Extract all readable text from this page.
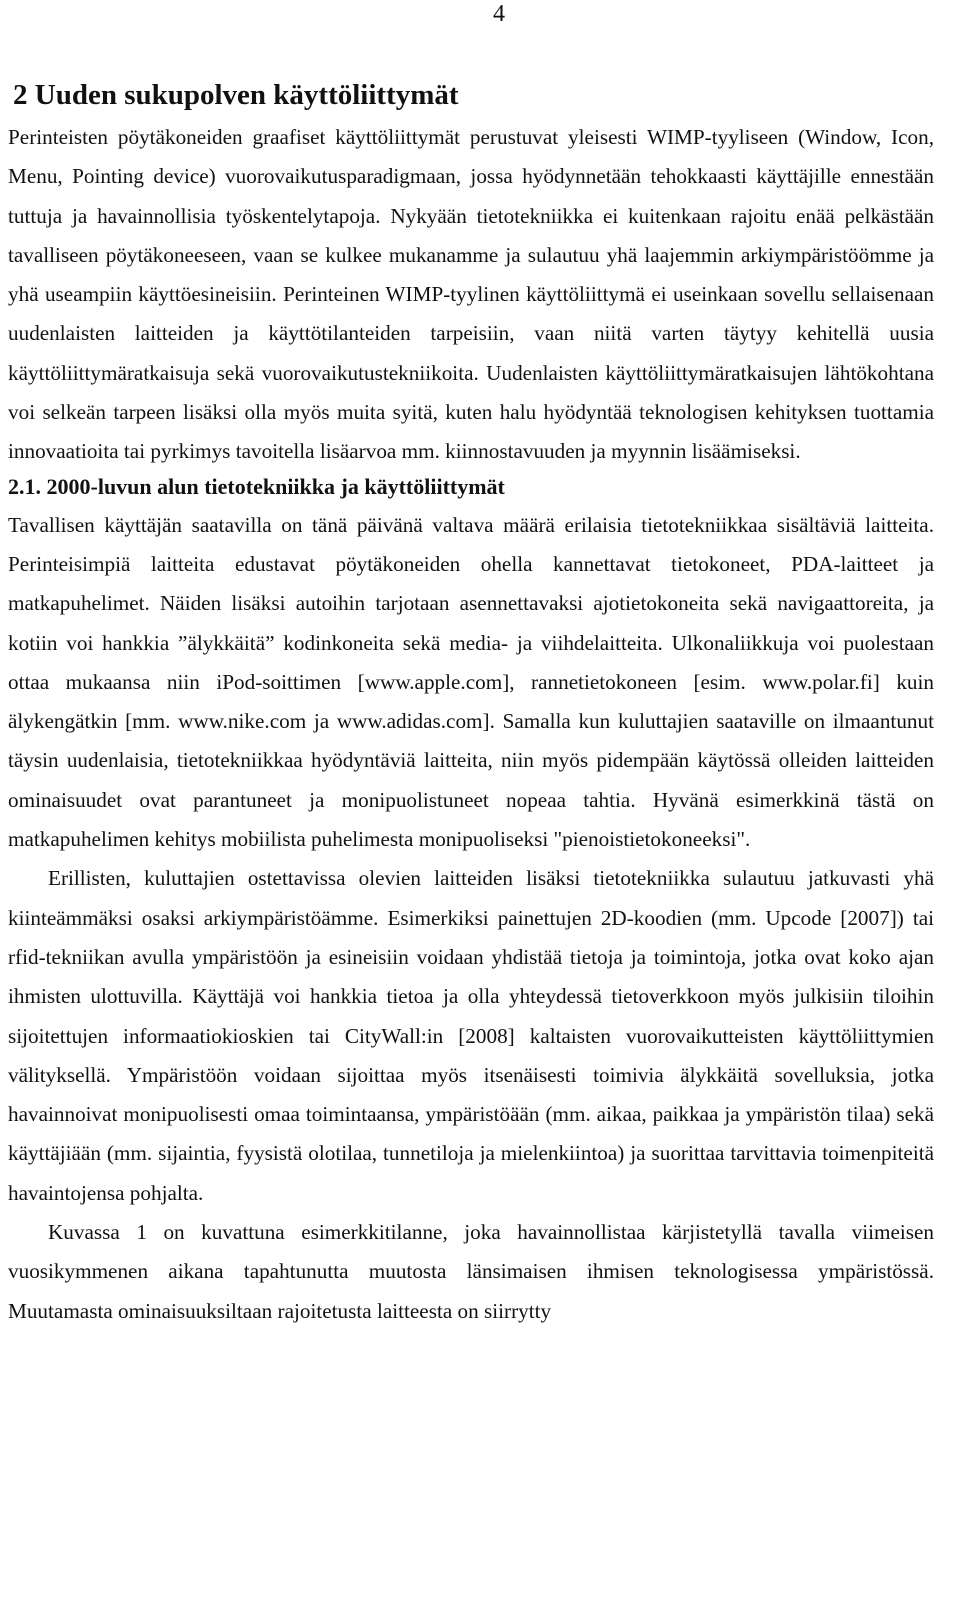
4
2 Uuden sukupolven käyttöliittymät

Perinteisten pöytäkoneiden graafiset käyttöliittymät perustuvat yleisesti WIMP-tyyliseen (Window, Icon, Menu, Pointing device) vuorovaikutusparadigmaan, jossa hyödynnetään tehokkaasti käyttäjille ennestään tuttuja ja havainnollisia työskentelytapoja. Nykyään tietotekniikka ei kuitenkaan rajoitu enää pelkästään tavalliseen pöytäkoneeseen, vaan se kulkee mukanamme ja sulautuu yhä laajemmin arkiympäristöömme ja yhä useampiin käyttöesineisiin. Perinteinen WIMP-tyylinen käyttöliittymä ei useinkaan sovellu sellaisenaan uudenlaisten laitteiden ja käyttötilanteiden tarpeisiin, vaan niitä varten täytyy kehitellä uusia käyttöliittymäratkaisuja sekä vuorovaikutustekniikoita. Uudenlaisten käyttöliittymäratkaisujen lähtökohtana voi selkeän tarpeen lisäksi olla myös muita syitä, kuten halu hyödyntää teknologisen kehityksen tuottamia innovaatioita tai pyrkimys tavoitella lisäarvoa mm. kiinnostavuuden ja myynnin lisäämiseksi.

2.1. 2000-luvun alun tietotekniikka ja käyttöliittymät

Tavallisen käyttäjän saatavilla on tänä päivänä valtava määrä erilaisia tietotekniikkaa sisältäviä laitteita. Perinteisimpiä laitteita edustavat pöytäkoneiden ohella kannettavat tietokoneet, PDA-laitteet ja matkapuhelimet. Näiden lisäksi autoihin tarjotaan asennettavaksi ajotietokoneita sekä navigaattoreita, ja kotiin voi hankkia ”älykkäitä” kodinkoneita sekä media- ja viihdelaitteita. Ulkonaliikkuja voi puolestaan ottaa mukaansa niin iPod-soittimen [www.apple.com], rannetietokoneen [esim. www.polar.fi] kuin älykengätkin [mm. www.nike.com ja www.adidas.com]. Samalla kun kuluttajien saataville on ilmaantunut täysin uudenlaisia, tietotekniikkaa hyödyntäviä laitteita, niin myös pidempään käytössä olleiden laitteiden ominaisuudet ovat parantuneet ja monipuolistuneet nopeaa tahtia. Hyvänä esimerkkinä tästä on matkapuhelimen kehitys mobiilista puhelimesta monipuoliseksi "pienoistietokoneeksi".

Erillisten, kuluttajien ostettavissa olevien laitteiden lisäksi tietotekniikka sulautuu jatkuvasti yhä kiinteämmäksi osaksi arkiympäristöämme. Esimerkiksi painettujen 2D-koodien (mm. Upcode [2007]) tai rfid-tekniikan avulla ympäristöön ja esineisiin voidaan yhdistää tietoja ja toimintoja, jotka ovat koko ajan ihmisten ulottuvilla. Käyttäjä voi hankkia tietoa ja olla yhteydessä tietoverkkoon myös julkisiin tiloihin sijoitettujen informaatiokioskien tai CityWall:in [2008] kaltaisten vuorovaikutteisten käyttöliittymien välityksellä. Ympäristöön voidaan sijoittaa myös itsenäisesti toimivia älykkäitä sovelluksia, jotka havainnoivat monipuolisesti omaa toimintaansa, ympäristöään (mm. aikaa, paikkaa ja ympäristön tilaa) sekä käyttäjiään (mm. sijaintia, fyysistä olotilaa, tunnetiloja ja mielenkiintoa) ja suorittaa tarvittavia toimenpiteitä havaintojensa pohjalta.

Kuvassa 1 on kuvattuna esimerkkitilanne, joka havainnollistaa kärjistetyllä tavalla viimeisen vuosikymmenen aikana tapahtunutta muutosta länsimaisen ihmisen teknologisessa ympäristössä. Muutamasta ominaisuuksiltaan rajoitetusta laitteesta on siirrytty
